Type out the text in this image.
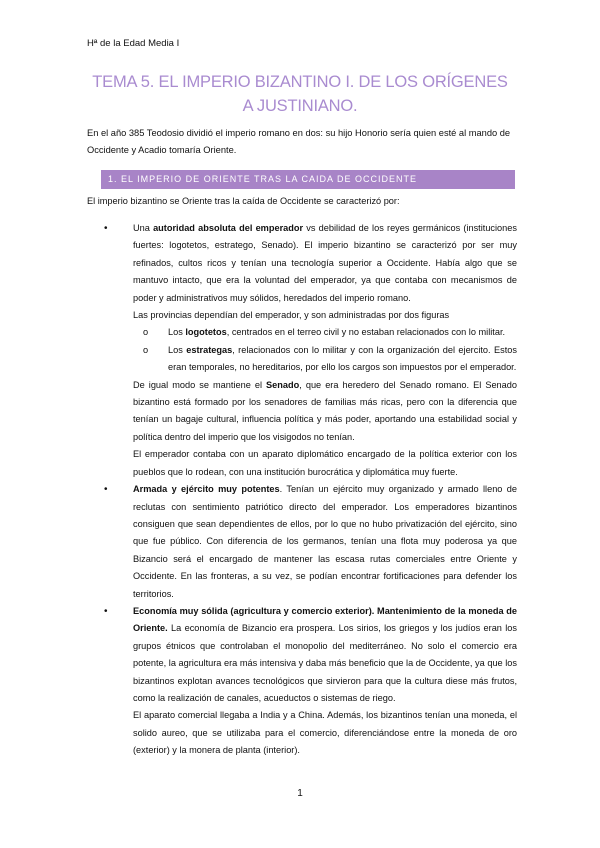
Hª de la Edad Media I
TEMA 5. EL IMPERIO BIZANTINO I. DE LOS ORÍGENES A JUSTINIANO.
En el año 385 Teodosio dividió el imperio romano en dos: su hijo Honorio sería quien esté al mando de Occidente y Acadio tomaría Oriente.
1. EL IMPERIO DE ORIENTE TRAS LA CAIDA DE OCCIDENTE
El imperio bizantino se Oriente tras la caída de Occidente se caracterizó por:
•	Una autoridad absoluta del emperador vs debilidad de los reyes germánicos (instituciones fuertes: logotetos, estratego, Senado). El imperio bizantino se caracterizó por ser muy refinados, cultos ricos y tenían una tecnología superior a Occidente. Había algo que se mantuvo intacto, que era la voluntad del emperador, ya que contaba con mecanismos de poder y administrativos muy sólidos, heredados del imperio romano.
Las provincias dependían del emperador, y son administradas por dos figuras
o Los logotetos, centrados en el terreo civil y no estaban relacionados con lo militar.
o Los estrategas, relacionados con lo militar y con la organización del ejercito. Estos eran temporales, no hereditarios, por ello los cargos son impuestos por el emperador.
De igual modo se mantiene el Senado, que era heredero del Senado romano. El Senado bizantino está formado por los senadores de familias más ricas, pero con la diferencia que tenían un bagaje cultural, influencia política y más poder, aportando una estabilidad social y política dentro del imperio que los visigodos no tenían.
El emperador contaba con un aparato diplomático encargado de la política exterior con los pueblos que lo rodean, con una institución burocrática y diplomática muy fuerte.
•	Armada y ejército muy potentes. Tenían un ejército muy organizado y armado lleno de reclutas con sentimiento patriótico directo del emperador. Los emperadores bizantinos consiguen que sean dependientes de ellos, por lo que no hubo privatización del ejército, sino que fue público. Con diferencia de los germanos, tenían una flota muy poderosa ya que Bizancio será el encargado de mantener las escasa rutas comerciales entre Oriente y Occidente. En las fronteras, a su vez, se podían encontrar fortificaciones para defender los territorios.
•	Economía muy sólida (agricultura y comercio exterior). Mantenimiento de la moneda de Oriente. La economía de Bizancio era prospera. Los sirios, los griegos y los judíos eran los grupos étnicos que controlaban el monopolio del mediterráneo. No solo el comercio era potente, la agricultura era más intensiva y daba más beneficio que la de Occidente, ya que los bizantinos explotan avances tecnológicos que sirvieron para que la cultura diese más frutos, como la realización de canales, acueductos o sistemas de riego.
El aparato comercial llegaba a India y a China. Además, los bizantinos tenían una moneda, el solido aureo, que se utilizaba para el comercio, diferenciándose entre la moneda de oro (exterior) y la monera de planta (interior).
1
